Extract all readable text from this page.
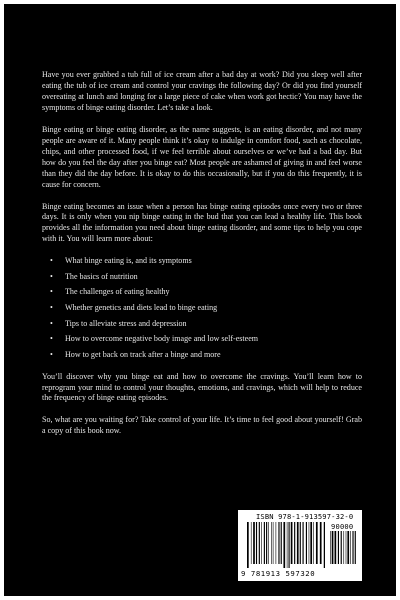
Have you ever grabbed a tub full of ice cream after a bad day at work? Did you sleep well after eating the tub of ice cream and control your cravings the following day? Or did you find yourself overeating at lunch and longing for a large piece of cake when work got hectic? You may have the symptoms of binge eating disorder. Let’s take a look.

Binge eating or binge eating disorder, as the name suggests, is an eating disorder, and not many people are aware of it. Many people think it’s okay to indulge in comfort food, such as chocolate, chips, and other processed food, if we feel terrible about ourselves or we’ve had a bad day. But how do you feel the day after you binge eat? Most people are ashamed of giving in and feel worse than they did the day before. It is okay to do this occasionally, but if you do this frequently, it is cause for concern.

Binge eating becomes an issue when a person has binge eating episodes once every two or three days. It is only when you nip binge eating in the bud that you can lead a healthy life. This book provides all the information you need about binge eating disorder, and some tips to help you cope with it. You will learn more about:

• What binge eating is, and its symptoms
• The basics of nutrition
• The challenges of eating healthy
• Whether genetics and diets lead to binge eating
• Tips to alleviate stress and depression
• How to overcome negative body image and low self-esteem
• How to get back on track after a binge and more

You’ll discover why you binge eat and how to overcome the cravings. You’ll learn how to reprogram your mind to control your thoughts, emotions, and cravings, which will help to reduce the frequency of binge eating episodes.

So, what are you waiting for? Take control of your life. It’s time to feel good about yourself! Grab a copy of this book now.

ISBN 978-1-913597-32-0
90000
9 781913 597320
